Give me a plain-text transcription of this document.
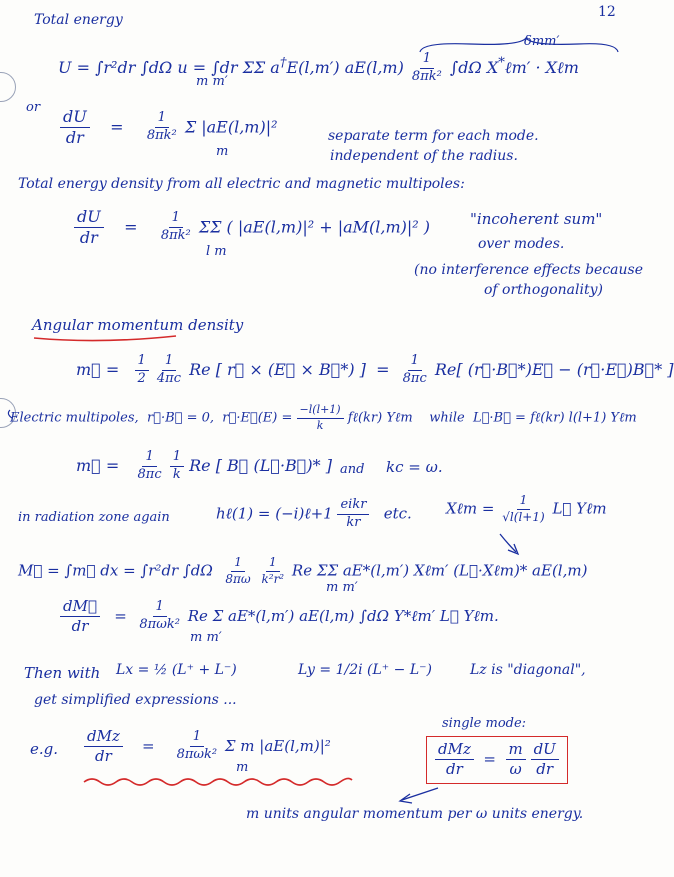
12
Total energy
U = ∫r²dr ∫dΩ u = ∫dr ΣΣ a†E(l,m′) $aE(l,m) \frac{1}{\text{8πk²}} \int d\Omega$ X*ℓm′ · Xℓm
δmm′
m m′
or
$\frac{dU}{dr} = \frac{1}{\text{8πk²}}$ Σ |aE(l,m)|²
m
separate term for each mode.
independent of the radius.
Total energy density from all electric and magnetic multipoles:
$\frac{dU}{dr} = \frac{1}{\text{8πk²}}$ ΣΣ ( |aE(l,m)|² + |aM(l,m)|² )
l m
"incoherent sum"
over modes.
(no interference effects because
of orthogonality)
Angular momentum density
m⃗ = $\frac{1}{2}$
$\frac{1}{4\pi c}$ Re [ r⃗ × (E⃗ × B⃗*) ] = $\frac{1}{8\pi c} Re$[ (r⃗·B⃗*)E⃗ − (r⃗·E⃗)B⃗* ]
Electric multipoles, r⃗·B⃗ = 0, r⃗·E⃗(E) = $\frac{-l(l+1)}{k}$ fℓ(kr) Yℓm while L⃗·B⃗ = fℓ(kr) l(l+1) Yℓm
m⃗ = $\frac{1}{8\pi c}$
$\frac{1}{k}$ Re [ B⃗ (L⃗·B⃗)* ] and kc = ω.
in radiation zone again	hℓ(1) = (−i)ℓ+1 $\frac{\text{eikr}}{kr}$ etc. Xℓm = $\frac{1}{√l(l+1)}$ L⃗ Yℓm
M⃗ = ∫m⃗ dx = ∫r²dr $\int d\Omega \frac{1}{8\pi\omega}$
$\frac{1}{\text{k²r²}}$ Re ΣΣ aE*(l,m′) Xℓm′ (L⃗·Xℓm)* aE(l,m)
m m′
$\frac{dM⃗}{dr} = \frac{1}{\text{8πωk²}}$ Re Σ aE*(l,m′) aE(l,m) ∫dΩ Y*ℓm′ L⃗ Yℓm.
m m′
Then with Lx = ½ (L⁺ + L⁻)	Ly = 1/2i (L⁺ − L⁻)	Lz is "diagonal",
get simplified expressions ...
e.g. $\frac{\text{dMz}}{dr} = \frac{1}{\text{8πωk²}}$ Σ m |aE(l,m)|²
m
single mode:
$\frac{\text{dMz}}{dr} = \frac{m}{\omega}$
$\frac{dU}{dr}$
m units angular momentum per ω units energy.
